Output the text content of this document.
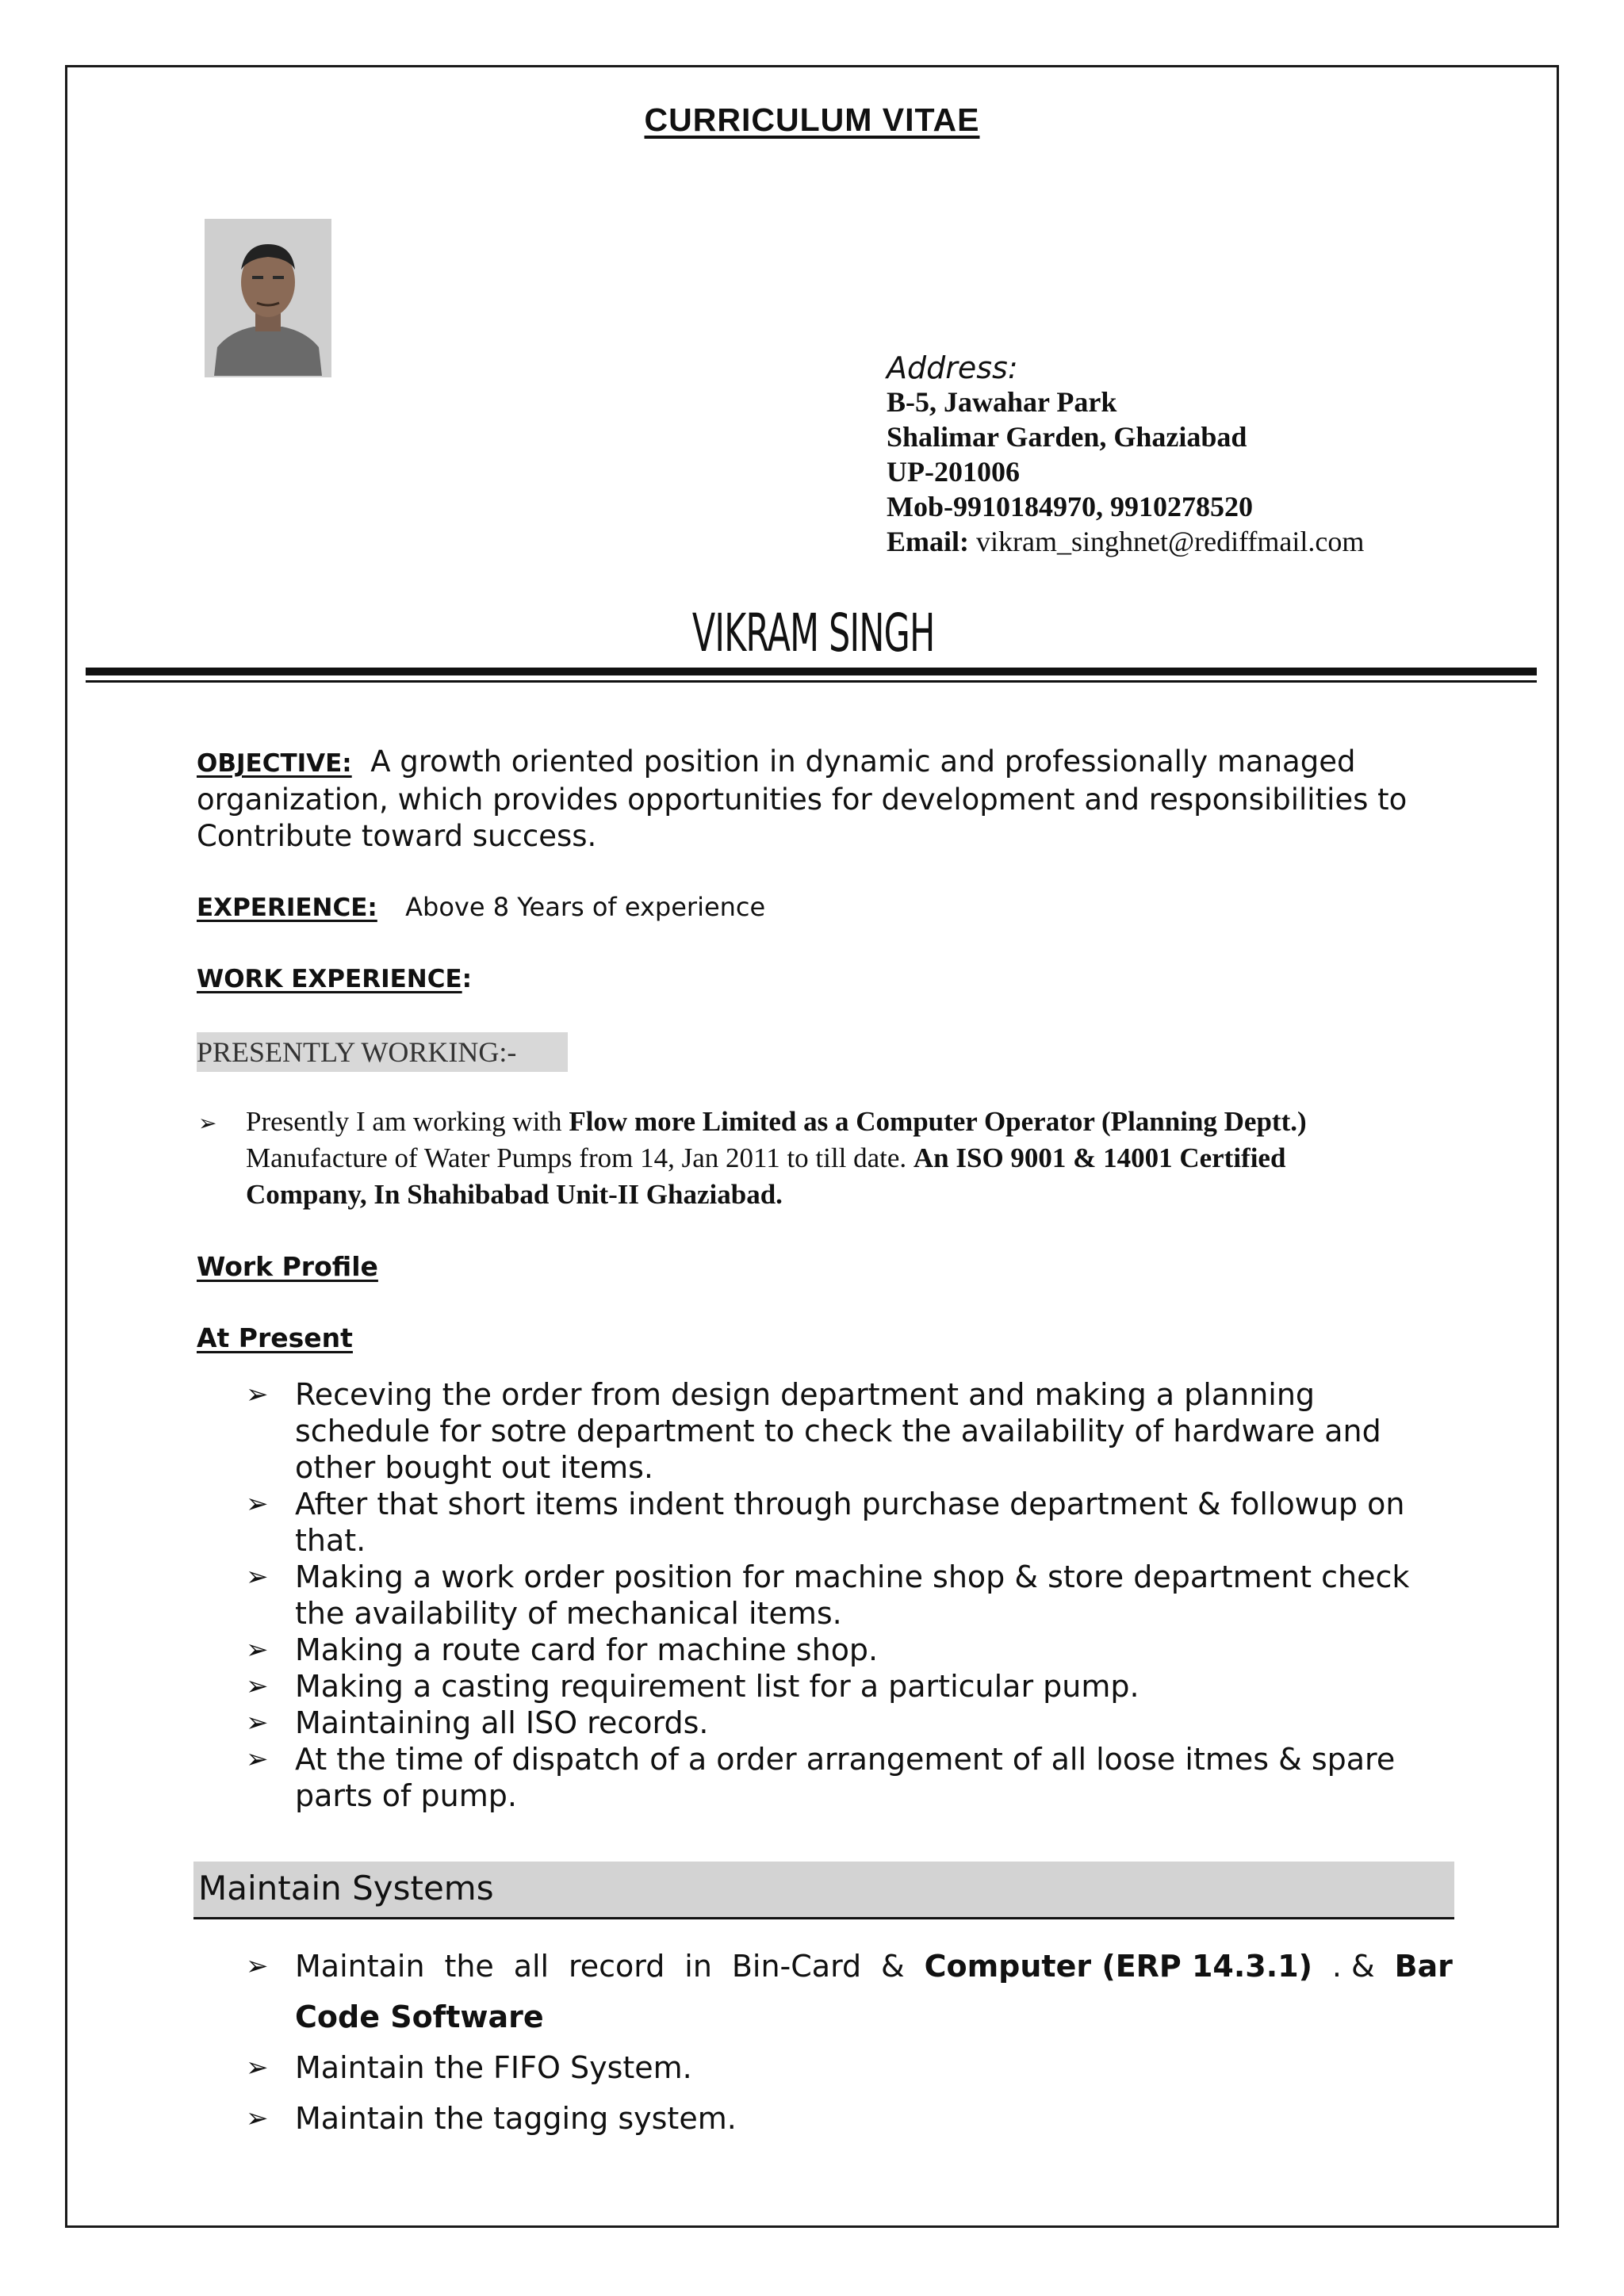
CURRICULUM VITAE
Address:
B-5, Jawahar Park
Shalimar Garden, Ghaziabad
UP-201006
Mob-9910184970, 9910278520
Email: vikram_singhnet@rediffmail.com
VIKRAM SINGH
OBJECTIVE: A growth oriented position in dynamic and professionally managed
organization, which provides opportunities for development and responsibilities to
Contribute toward success.
EXPERIENCE: Above 8 Years of experience
WORK EXPERIENCE:
PRESENTLY WORKING:-
➢ Presently I am working with Flow more Limited as a Computer Operator (Planning Deptt.)
Manufacture of Water Pumps from 14, Jan 2011 to till date. An ISO 9001 & 14001 Certified
Company, In Shahibabad Unit-II Ghaziabad.
Work Profile
At Present
➢ Receving the order from design department and making a planning
schedule for sotre department to check the availability of hardware and
other bought out items.
➢ After that short items indent through purchase department & followup on
that.
➢ Making a work order position for machine shop & store department check
the availability of mechanical items.
➢ Making a route card for machine shop.
➢ Making a casting requirement list for a particular pump.
➢ Maintaining all ISO records.
➢ At the time of dispatch of a order arrangement of all loose itmes & spare
parts of pump.
Maintain Systems
➢ Maintain the all record in Bin-Card & Computer (ERP 14.3.1) . & Bar
Code Software
➢ Maintain the FIFO System.
➢ Maintain the tagging system.
